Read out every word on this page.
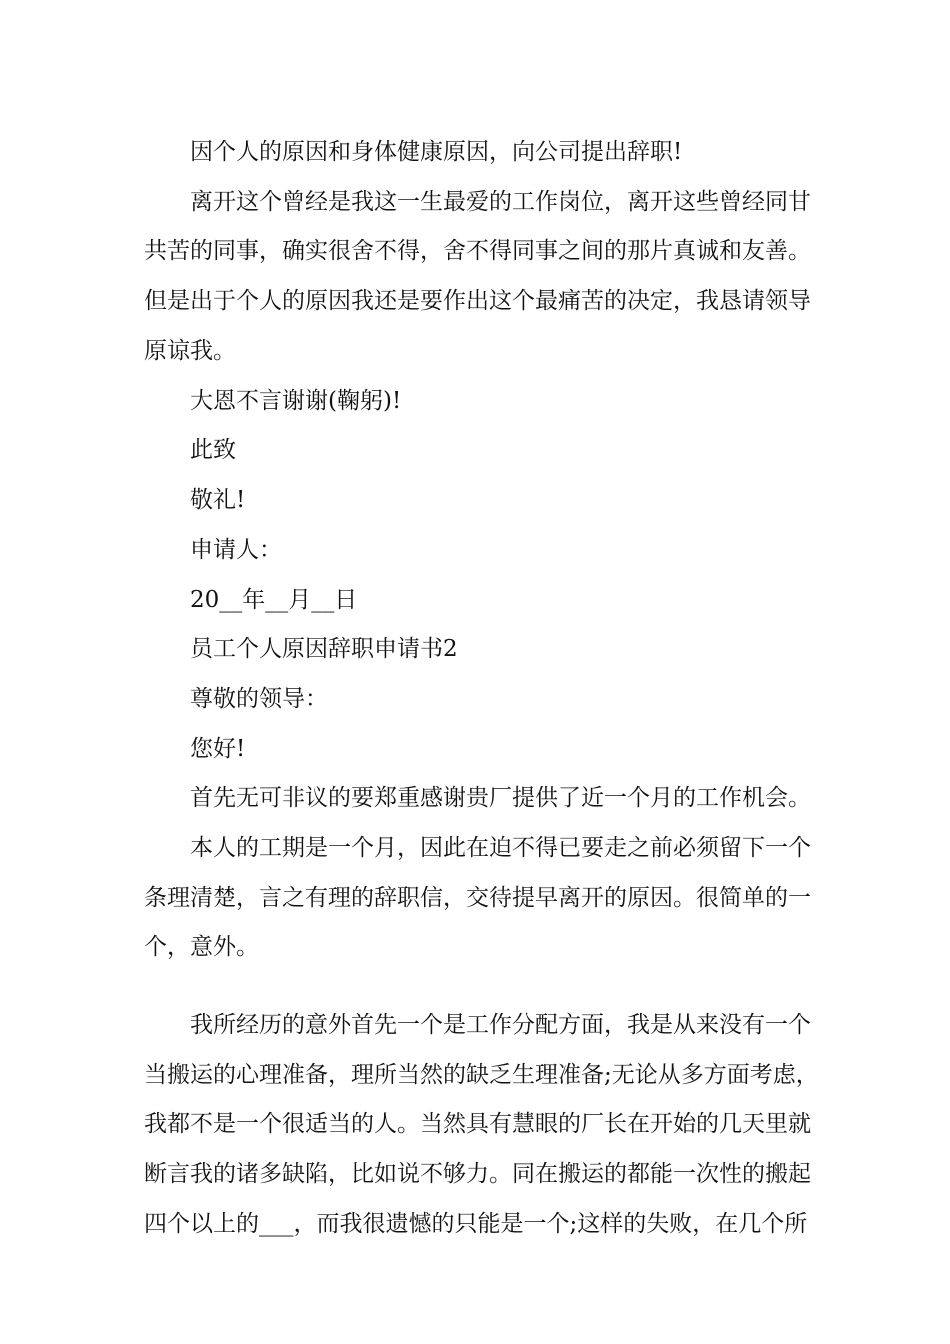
因个人的原因和身体健康原因，向公司提出辞职!
离开这个曾经是我这一生最爱的工作岗位，离开这些曾经同甘
共苦的同事，确实很舍不得，舍不得同事之间的那片真诚和友善。
但是出于个人的原因我还是要作出这个最痛苦的决定，我恳请领导
原谅我。
大恩不言谢谢(鞠躬)!
此致
敬礼!
申请人：
20__年__月__日
员工个人原因辞职申请书2
尊敬的领导：
您好!
首先无可非议的要郑重感谢贵厂提供了近一个月的工作机会。
本人的工期是一个月，因此在迫不得已要走之前必须留下一个
条理清楚，言之有理的辞职信，交待提早离开的原因。很简单的一
个，意外。
我所经历的意外首先一个是工作分配方面，我是从来没有一个
当搬运的心理准备，理所当然的缺乏生理准备;无论从多方面考虑，
我都不是一个很适当的人。当然具有慧眼的厂长在开始的几天里就
断言我的诸多缺陷，比如说不够力。同在搬运的都能一次性的搬起
四个以上的___，而我很遗憾的只能是一个;这样的失败，在几个所
